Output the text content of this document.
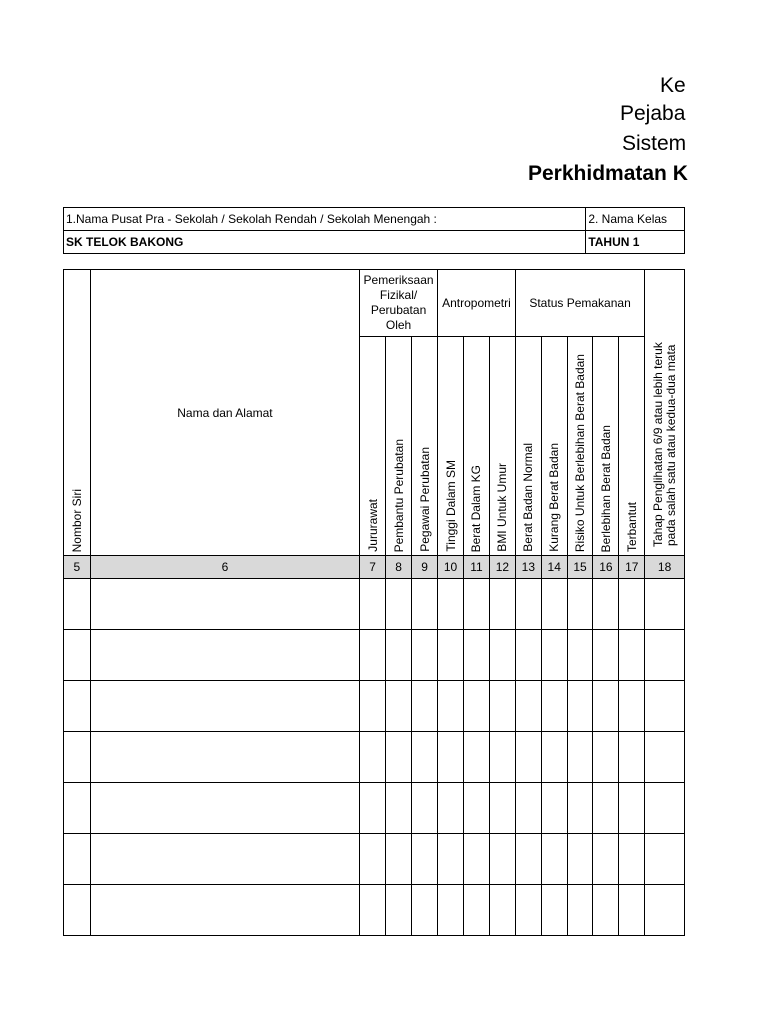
Ke
Pejaba
Sistem
Perkhidmatan K
1.Nama Pusat Pra - Sekolah / Sekolah Rendah / Sekolah Menengah :	2. Nama Kelas
SK TELOK BAKONG	TAHUN 1
Nombor Siri	Nama dan Alamat	Pemeriksaan Fizikal/ Perubatan Oleh			Antropometri			Status Pemakanan					Tahap Penglihatan 6/9 atau lebih teruk pada salah satu atau kedua-dua mata

		Jururawat	Pembantu Perubatan	Pegawai Perubatan	Tinggi Dalam SM	Berat Dalam KG	BMI Untuk Umur	Berat Badan Normal	Kurang Berat Badan	Risiko Untuk Berlebihan Berat Badan	Berlebihan Berat Badan	Terbantut	

5	6	7	8	9	10	11	12	13	14	15	16	17	18
